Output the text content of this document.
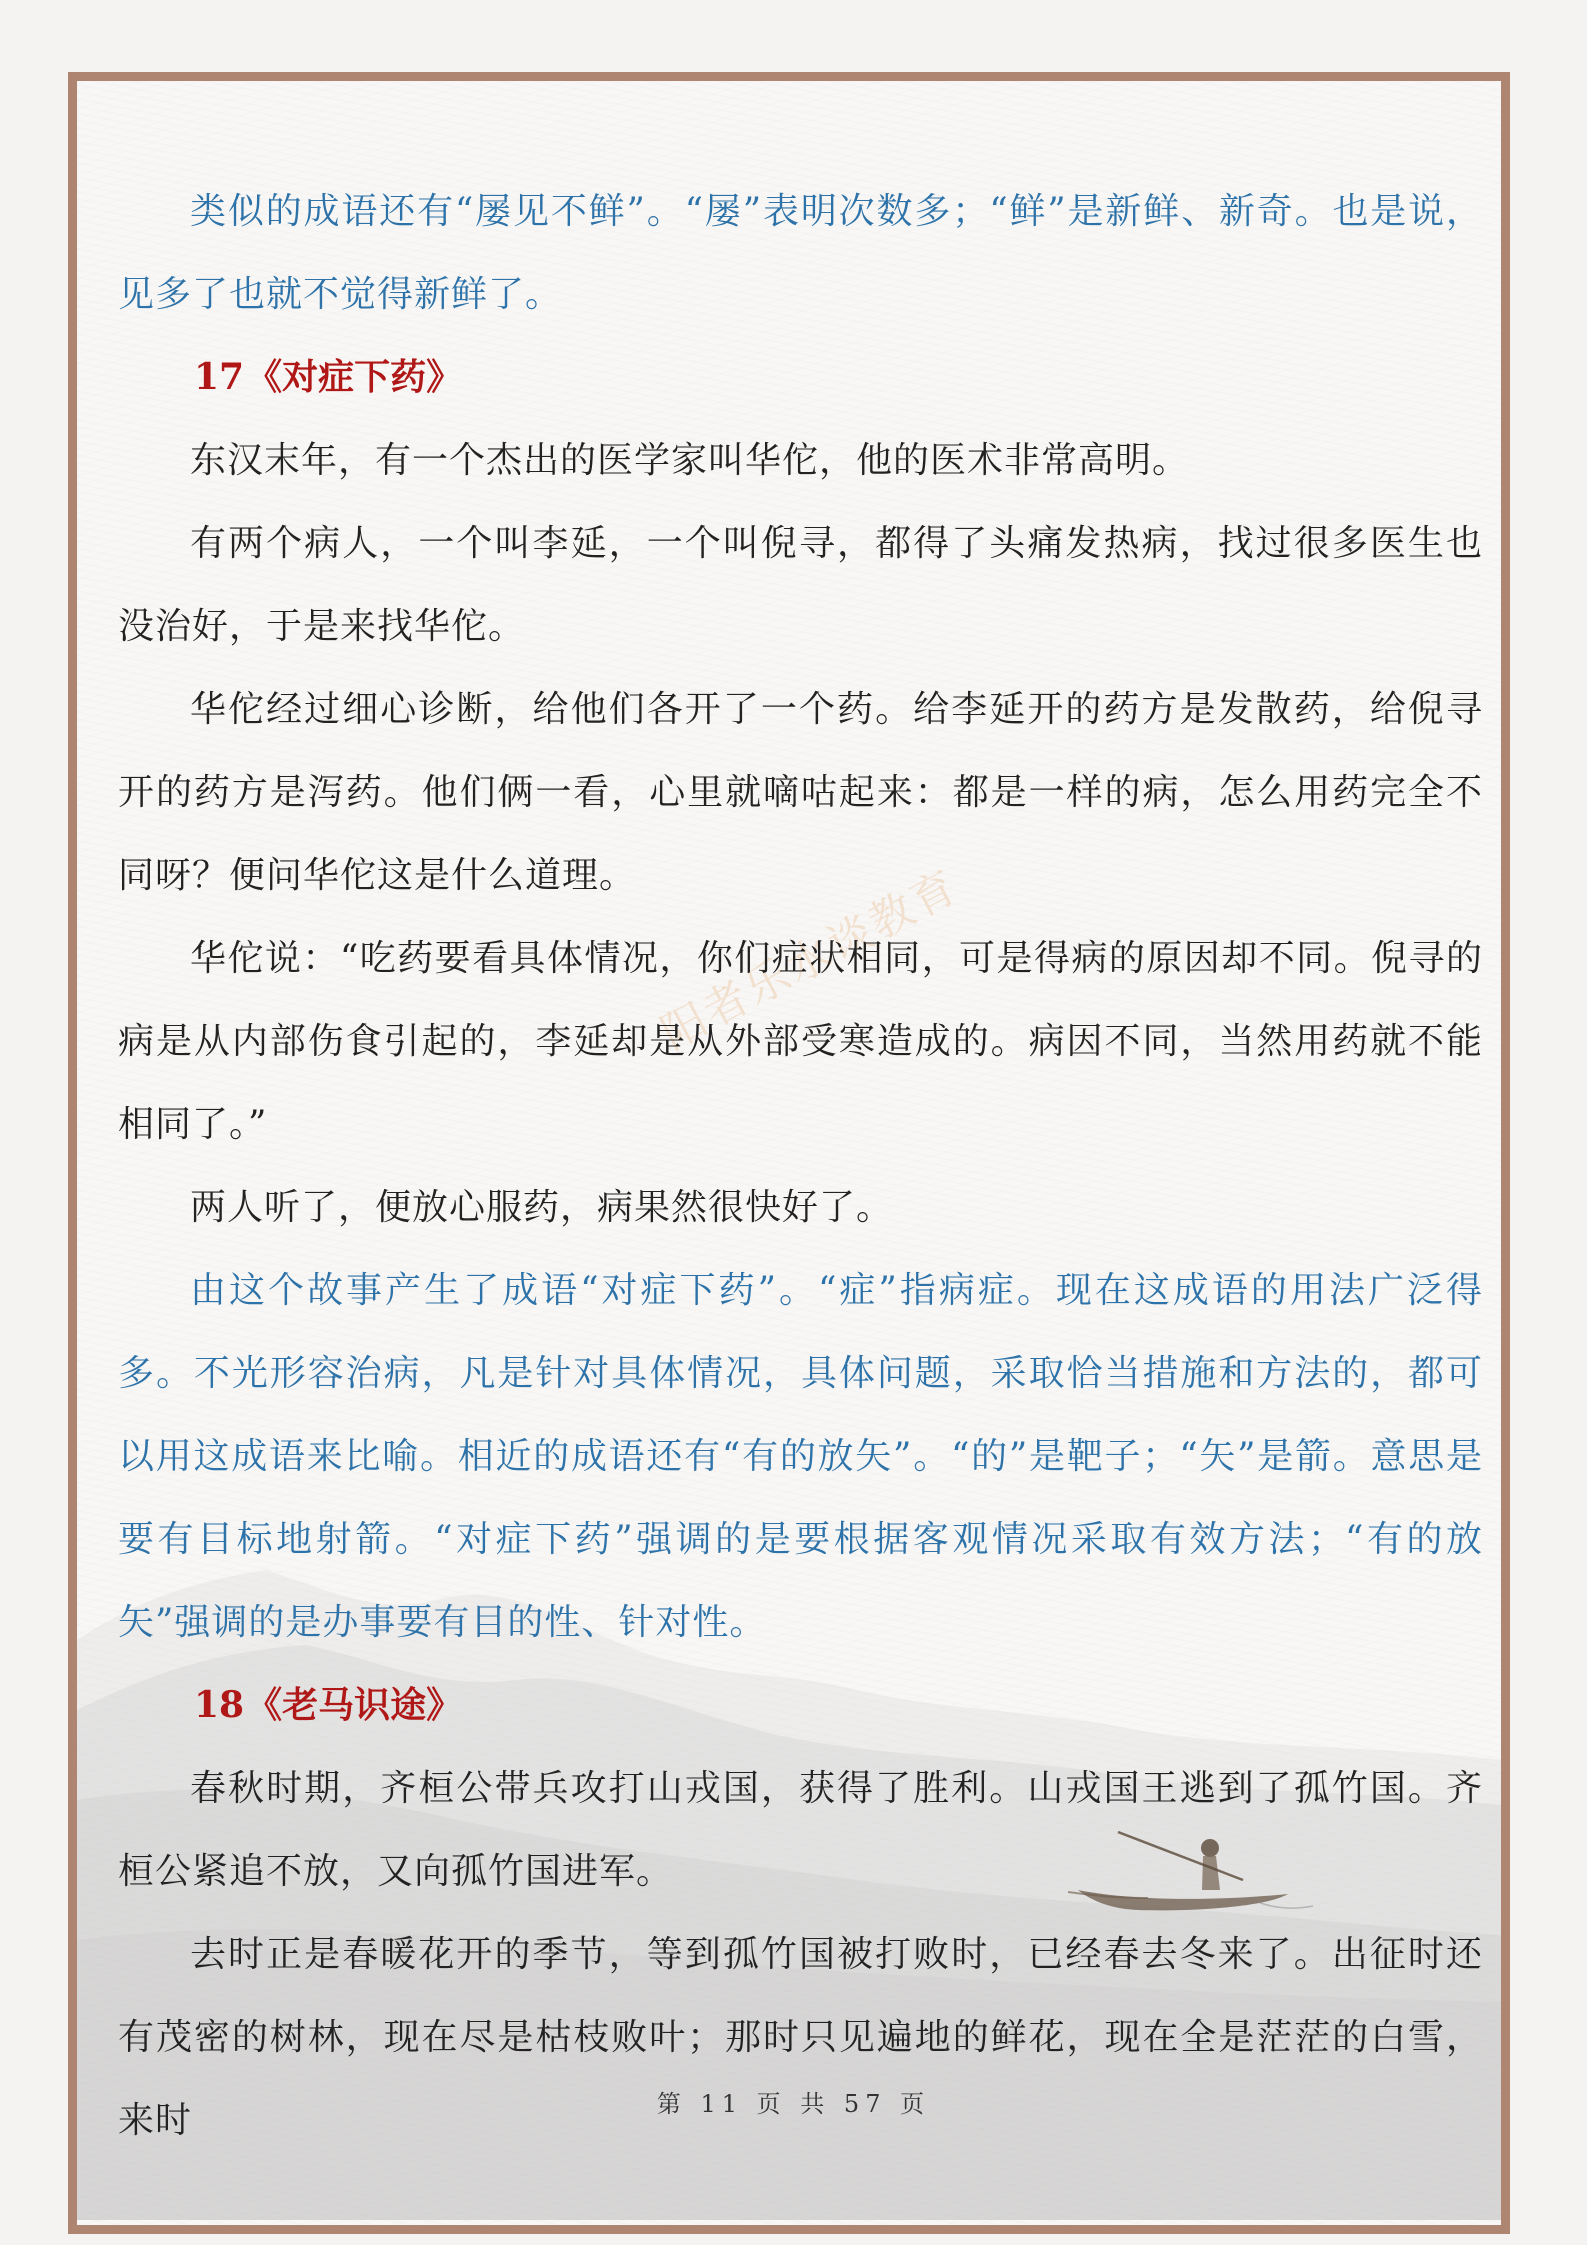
阳者乐水谈教育

类似的成语还有“屡见不鲜”。“屡”表明次数多；“鲜”是新鲜、新奇。也是说，见多了也就不觉得新鲜了。

17《对症下药》

东汉末年，有一个杰出的医学家叫华佗，他的医术非常高明。

有两个病人，一个叫李延，一个叫倪寻，都得了头痛发热病，找过很多医生也没治好，于是来找华佗。

华佗经过细心诊断，给他们各开了一个药。给李延开的药方是发散药，给倪寻开的药方是泻药。他们俩一看，心里就嘀咕起来：都是一样的病，怎么用药完全不同呀？便问华佗这是什么道理。

华佗说：“吃药要看具体情况，你们症状相同，可是得病的原因却不同。倪寻的病是从内部伤食引起的，李延却是从外部受寒造成的。病因不同，当然用药就不能相同了。”

两人听了，便放心服药，病果然很快好了。

由这个故事产生了成语“对症下药”。“症”指病症。现在这成语的用法广泛得多。不光形容治病，凡是针对具体情况，具体问题，采取恰当措施和方法的，都可以用这成语来比喻。相近的成语还有“有的放矢”。“的”是靶子；“矢”是箭。意思是要有目标地射箭。“对症下药”强调的是要根据客观情况采取有效方法；“有的放矢”强调的是办事要有目的性、针对性。

18《老马识途》

春秋时期，齐桓公带兵攻打山戎国，获得了胜利。山戎国王逃到了孤竹国。齐桓公紧追不放，又向孤竹国进军。

去时正是春暖花开的季节，等到孤竹国被打败时，已经春去冬来了。出征时还有茂密的树林，现在尽是枯枝败叶；那时只见遍地的鲜花，现在全是茫茫的白雪，来时	第 11 页 共 57 页
